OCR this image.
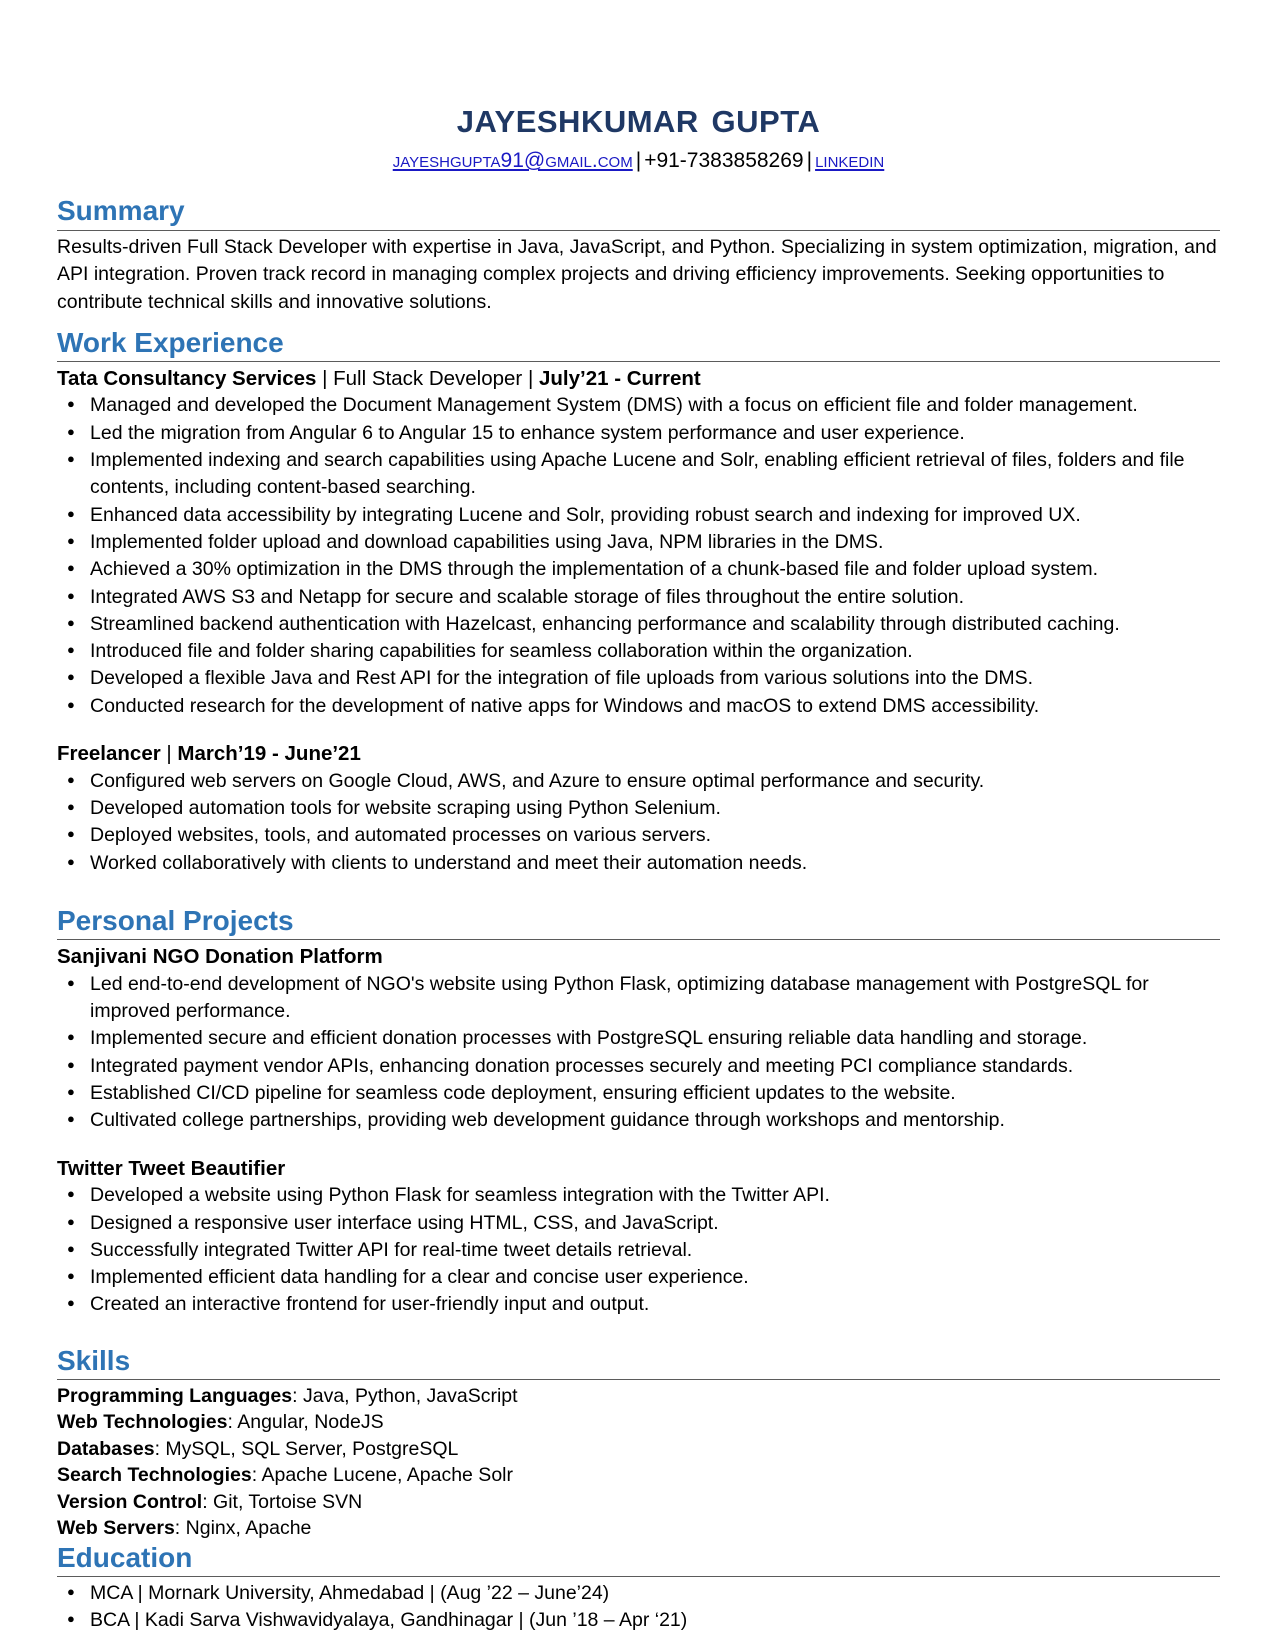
jayeshkumar gupta
jayeshgupta91@gmail.com | +91-7383858269 | linkedin
Summary

Results-driven Full Stack Developer with expertise in Java, JavaScript, and Python. Specializing in system optimization, migration, and API integration. Proven track record in managing complex projects and driving efficiency improvements. Seeking opportunities to contribute technical skills and innovative solutions.

Work Experience

Tata Consultancy Services | Full Stack Developer | July’21 - Current

● Managed and developed the Document Management System (DMS) with a focus on efficient file and folder management.
● Led the migration from Angular 6 to Angular 15 to enhance system performance and user experience.
● Implemented indexing and search capabilities using Apache Lucene and Solr, enabling efficient retrieval of files, folders and file contents, including content-based searching.
● Enhanced data accessibility by integrating Lucene and Solr, providing robust search and indexing for improved UX.
● Implemented folder upload and download capabilities using Java, NPM libraries in the DMS.
● Achieved a 30% optimization in the DMS through the implementation of a chunk-based file and folder upload system.
● Integrated AWS S3 and Netapp for secure and scalable storage of files throughout the entire solution.
● Streamlined backend authentication with Hazelcast, enhancing performance and scalability through distributed caching.
● Introduced file and folder sharing capabilities for seamless collaboration within the organization.
● Developed a flexible Java and Rest API for the integration of file uploads from various solutions into the DMS.
● Conducted research for the development of native apps for Windows and macOS to extend DMS accessibility.

Freelancer | March’19 - June’21

● Configured web servers on Google Cloud, AWS, and Azure to ensure optimal performance and security.
● Developed automation tools for website scraping using Python Selenium.
● Deployed websites, tools, and automated processes on various servers.
● Worked collaboratively with clients to understand and meet their automation needs.
Personal Projects

Sanjivani NGO Donation Platform

● Led end-to-end development of NGO's website using Python Flask, optimizing database management with PostgreSQL for improved performance.
● Implemented secure and efficient donation processes with PostgreSQL ensuring reliable data handling and storage.
● Integrated payment vendor APIs, enhancing donation processes securely and meeting PCI compliance standards.
● Established CI/CD pipeline for seamless code deployment, ensuring efficient updates to the website.
● Cultivated college partnerships, providing web development guidance through workshops and mentorship.

Twitter Tweet Beautifier

● Developed a website using Python Flask for seamless integration with the Twitter API.
● Designed a responsive user interface using HTML, CSS, and JavaScript.
● Successfully integrated Twitter API for real-time tweet details retrieval.
● Implemented efficient data handling for a clear and concise user experience.
● Created an interactive frontend for user-friendly input and output.
Skills

Programming Languages: Java, Python, JavaScript

Web Technologies: Angular, NodeJS

Databases: MySQL, SQL Server, PostgreSQL

Search Technologies: Apache Lucene, Apache Solr

Version Control: Git, Tortoise SVN

Web Servers: Nginx, Apache

Education
● MCA | Mornark University, Ahmedabad | (Aug ’22 – June’24)
● BCA | Kadi Sarva Vishwavidyalaya, Gandhinagar | (Jun ’18 – Apr ‘21)
